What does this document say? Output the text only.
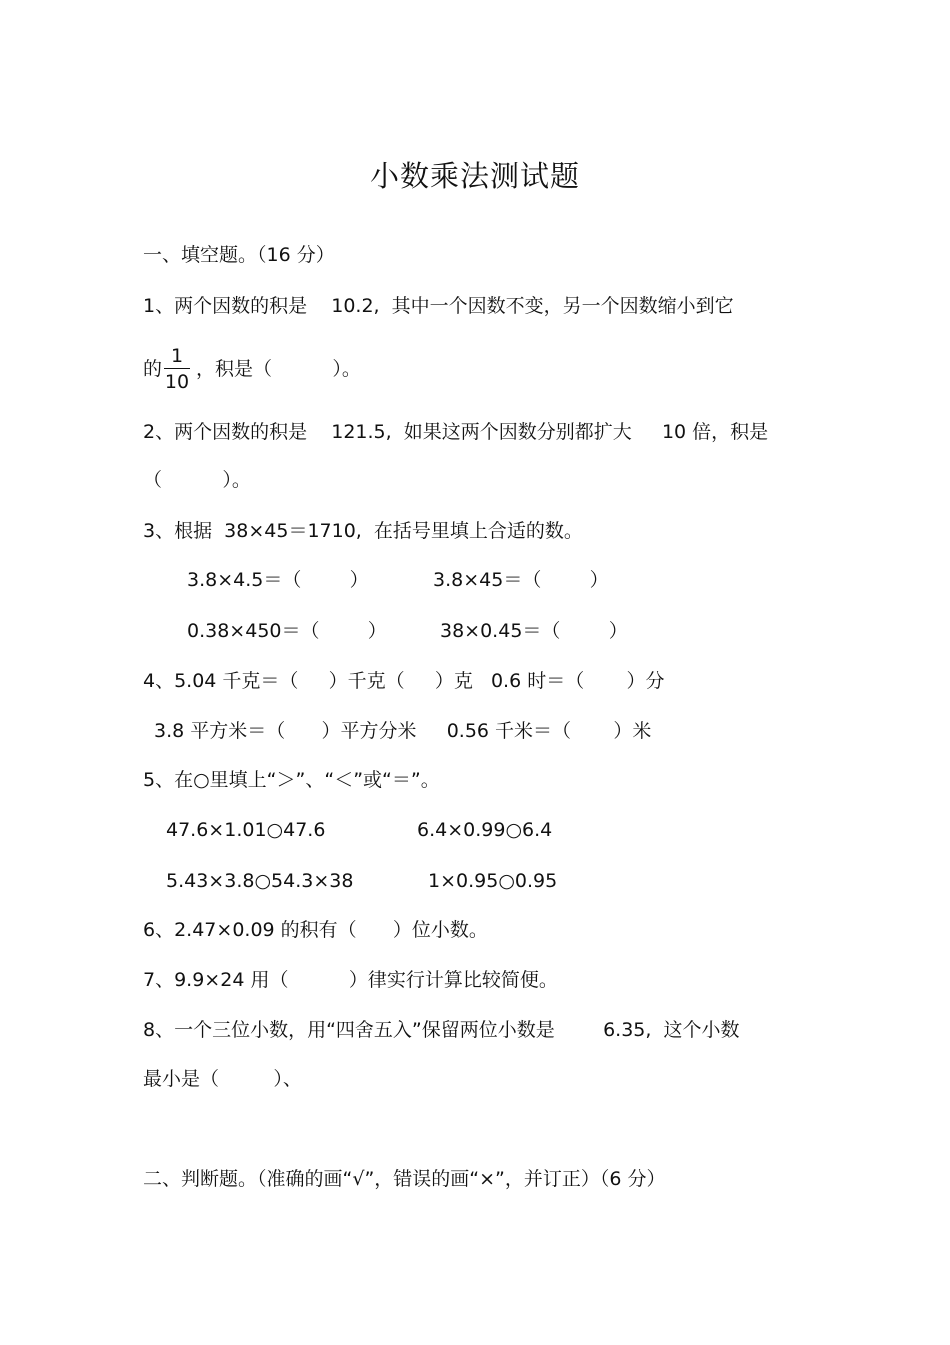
小数乘法测试题
一、填空题。（16 分）
1、两个因数的积是    10.2,  其中一个因数不变，另一个因数缩小到它
的
1
10
，积是（          ）。
2、两个因数的积是    121.5,  如果这两个因数分别都扩大     10 倍，积是
（          ）。
3、根据  38×45＝1710,  在括号里填上合适的数。
3.8×4.5＝（        ）	3.8×45＝（        ）
0.38×450＝（        ）	38×0.45＝（        ）
4、5.04 千克＝（     ）千克（     ）克   0.6 时＝（       ）分
3.8 平方米＝（      ）平方分米     0.56 千米＝（       ）米
5、在○里填上“＞”、“＜”或“＝”。
47.6×1.01○47.6	6.4×0.99○6.4
5.43×3.8○54.3×38	1×0.95○0.95
6、2.47×0.09 的积有（      ）位小数。
7、9.9×24 用（          ）律实行计算比较简便。
8、一个三位小数，用“四舍五入”保留两位小数是        6.35,  这个小数
最小是（         ）、
二、判断题。（准确的画“√”，错误的画“×”，并订正）（6 分）
